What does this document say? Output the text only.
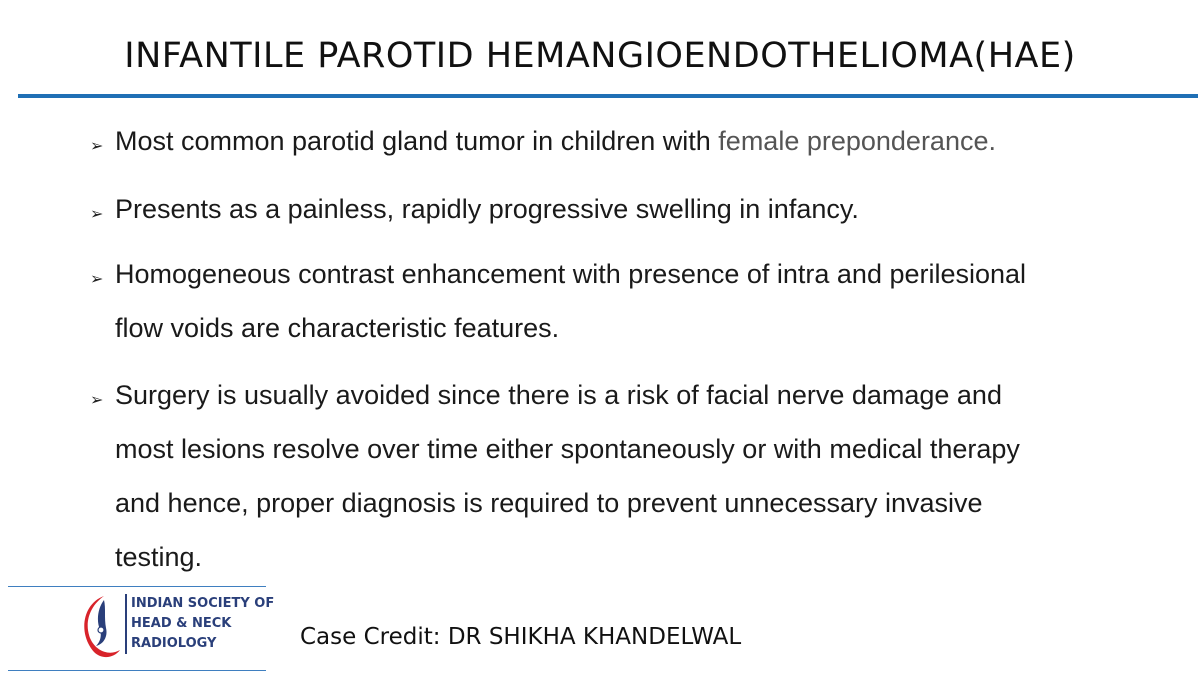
INFANTILE PAROTID HEMANGIOENDOTHELIOMA(HAE)
➢ Most common parotid gland tumor in children with female preponderance.
➢ Presents as a painless, rapidly progressive swelling in infancy.
➢ Homogeneous contrast enhancement with presence of intra and perilesional
flow voids are characteristic features.
➢ Surgery is usually avoided since there is a risk of facial nerve damage and
most lesions resolve over time either spontaneously or with medical therapy
and hence, proper diagnosis is required to prevent unnecessary invasive
testing.
INDIAN SOCIETY OF
HEAD & NECK
RADIOLOGY	Case Credit: DR SHIKHA KHANDELWAL
